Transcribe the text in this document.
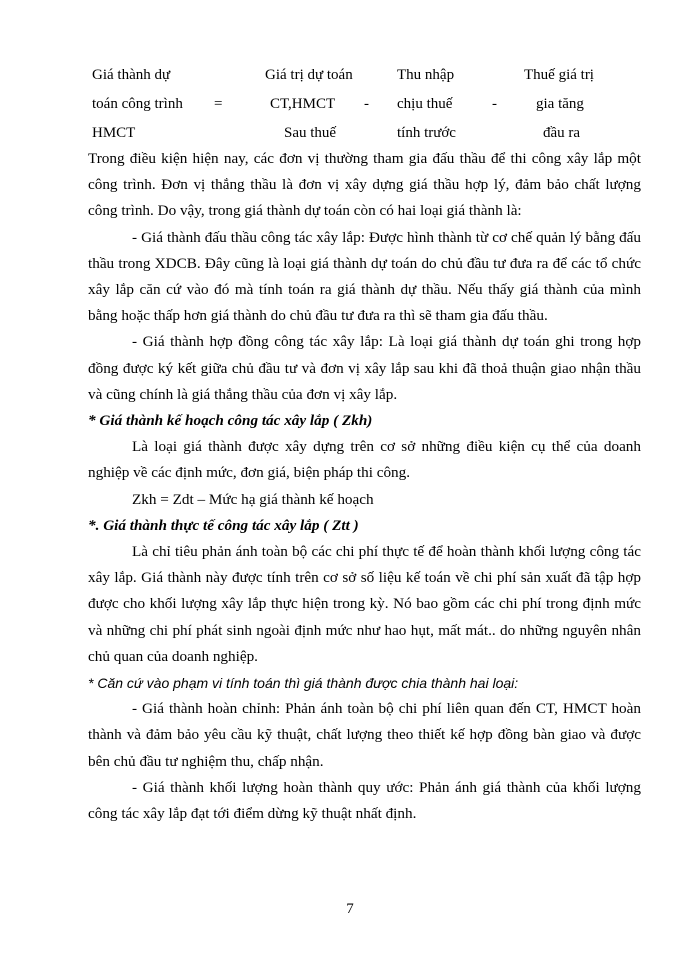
Giá thành dự
toán công trình
HMCT
=
Giá trị dự toán
CT,HMCT
Sau thuế
-
Thu nhập
chịu thuế
tính trước
-
Thuế giá trị
gia tăng
đầu ra

Trong điều kiện hiện nay, các đơn vị thường tham gia đấu thầu để thi công xây lắp một công trình. Đơn vị thắng thầu là đơn vị xây dựng giá thầu hợp lý, đảm bảo chất lượng công trình. Do vậy, trong giá thành dự toán còn có hai loại giá thành là:

- Giá thành đấu thầu công tác xây lắp: Được hình thành từ cơ chế quản lý bằng đấu thầu trong XDCB. Đây cũng là loại giá thành dự toán do chủ đầu tư đưa ra để các tổ chức xây lắp căn cứ vào đó mà tính toán ra giá thành dự thầu. Nếu thấy giá thành của mình bằng hoặc thấp hơn giá thành do chủ đầu tư đưa ra thì sẽ tham gia đấu thầu.

- Giá thành hợp đồng công tác xây lắp: Là loại giá thành dự toán ghi trong hợp đồng được ký kết giữa chủ đầu tư và đơn vị xây lắp sau khi đã thoả thuận giao nhận thầu và cũng chính là giá thắng thầu của đơn vị xây lắp.

* Giá thành kế hoạch công tác xây lắp ( Zkh)

Là loại giá thành được xây dựng trên cơ sở những điều kiện cụ thể của doanh nghiệp về các định mức, đơn giá, biện pháp thi công.

Zkh = Zdt – Mức hạ giá thành kế hoạch

*. Giá thành thực tế công tác xây lắp ( Ztt )

Là chỉ tiêu phản ánh toàn bộ các chi phí thực tế để hoàn thành khối lượng công tác xây lắp. Giá thành này được tính trên cơ sở số liệu kế toán về chi phí sản xuất đã tập hợp được cho khối lượng xây lắp thực hiện trong kỳ. Nó bao gồm các chi phí trong định mức và những chi phí phát sinh ngoài định mức như hao hụt, mất mát.. do những nguyên nhân chủ quan của doanh nghiệp.

* Căn cứ vào phạm vi tính toán thì giá thành được chia thành hai loại:

- Giá thành hoàn chỉnh: Phản ánh toàn bộ chi phí liên quan đến CT, HMCT hoàn thành và đảm bảo yêu cầu kỹ thuật, chất lượng theo thiết kế hợp đồng bàn giao và được bên chủ đầu tư nghiệm thu, chấp nhận.

- Giá thành khối lượng hoàn thành quy ước: Phản ánh giá thành của khối lượng công tác xây lắp đạt tới điểm dừng kỹ thuật nhất định.

7
